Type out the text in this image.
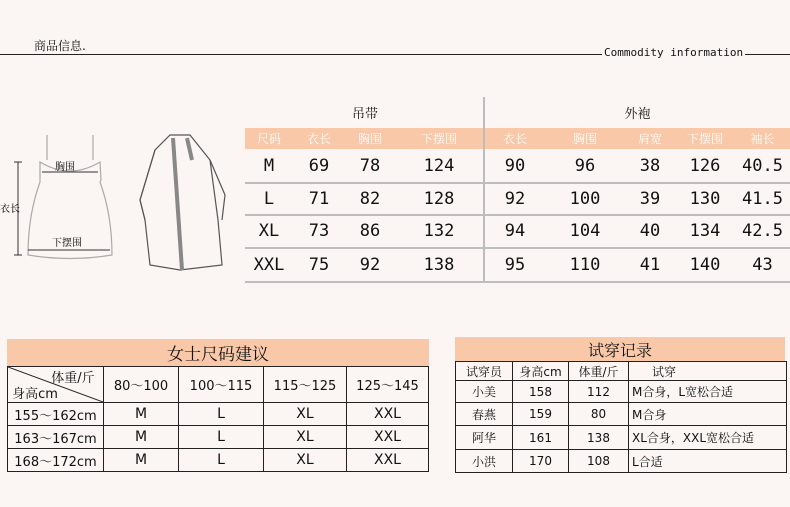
商品信息.	Commodity information
胸围
衣长
下摆围
吊带	外袍
尺码	衣长	胸围	下摆围	衣长	胸围	肩宽	下摆围	袖长
M	69	78	124	90	96	38	126	40.5
L	71	82	128	92	100	39	130	41.5
XL	73	86	132	94	104	40	134	42.5
XXL	75	92	138	95	110	41	140	43
女士尺码建议
体重/斤
身高cm	80～100	100～115	115～125	125～145
155～162cm	M	L	XL	XXL
163～167cm	M	L	XL	XXL
168～172cm	M	L	XL	XXL
试穿记录
试穿员	身高cm	体重/斤	试穿
小美	158	112	M合身，L宽松合适
春燕	159	80	M合身
阿华	161	138	XL合身，XXL宽松合适
小洪	170	108	L合适
